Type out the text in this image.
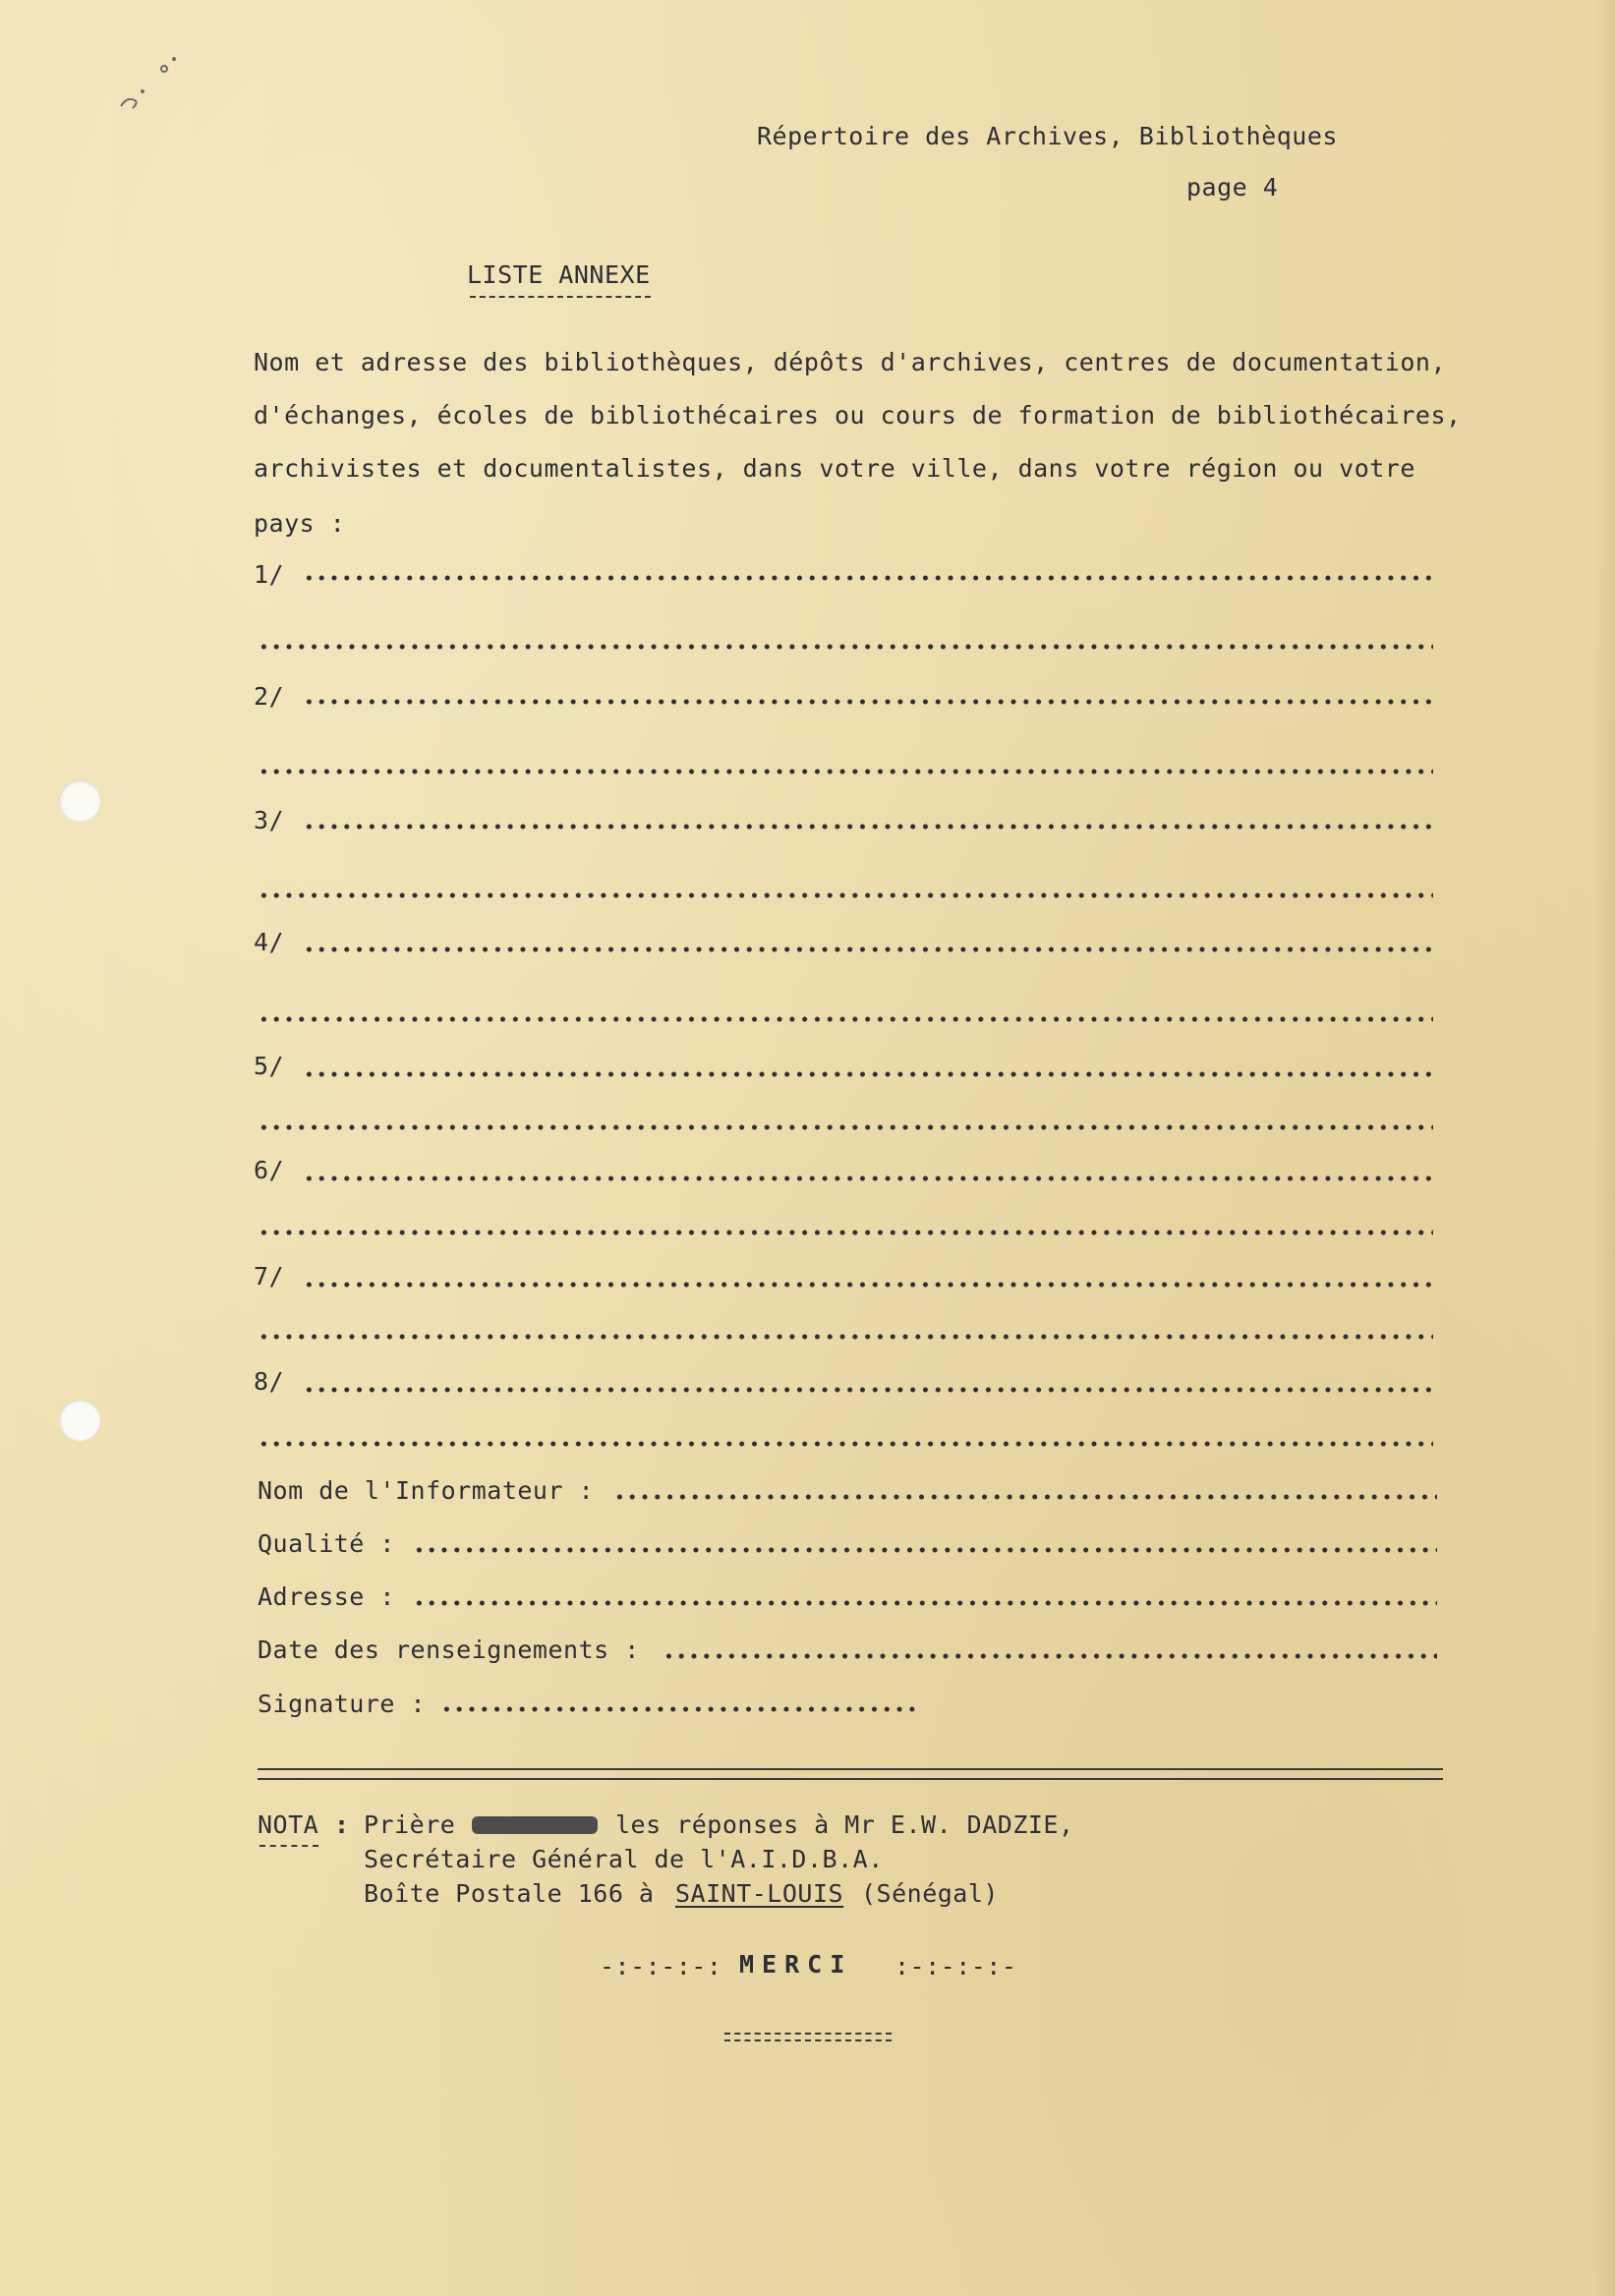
Répertoire des Archives, Bibliothèques
page 4
LISTE ANNEXE
Nom et adresse des bibliothèques, dépôts d'archives, centres de documentation,
d'échanges, écoles de bibliothécaires ou cours de formation de bibliothécaires,
archivistes et documentalistes, dans votre ville, dans votre région ou votre
pays :
1/
2/
3/
4/
5/
6/
7/
8/
Nom de l'Informateur :
Qualité :
Adresse :
Date des renseignements :
Signature :
NOTA : Prière	les réponses à Mr E.W. DADZIE,
Secrétaire Général de l'A.I.D.B.A.
Boîte Postale 166 à SAINT-LOUIS (Sénégal)
-:-:-:-: MERCI :-:-:-:-
